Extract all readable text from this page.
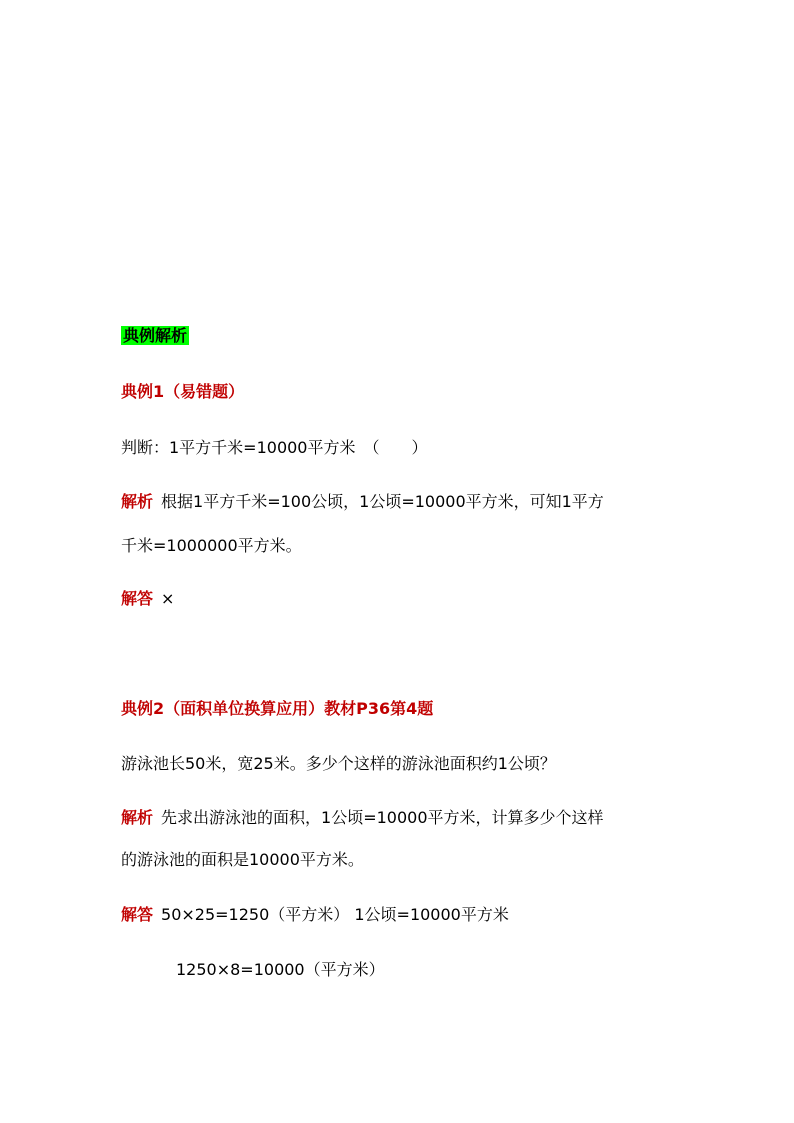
典例解析
典例1（易错题）
判断：1平方千米=10000平方米　（　　）
解析 根据1平方千米=100公顷，1公顷=10000平方米，可知1平方
千米=1000000平方米。
解答 ×
典例2（面积单位换算应用）教材P36第4题
游泳池长50米，宽25米。多少个这样的游泳池面积约1公顷？
解析 先求出游泳池的面积，1公顷=10000平方米，计算多少个这样
的游泳池的面积是10000平方米。
解答 50×25=1250（平方米） 1公顷=10000平方米
1250×8=10000（平方米）
